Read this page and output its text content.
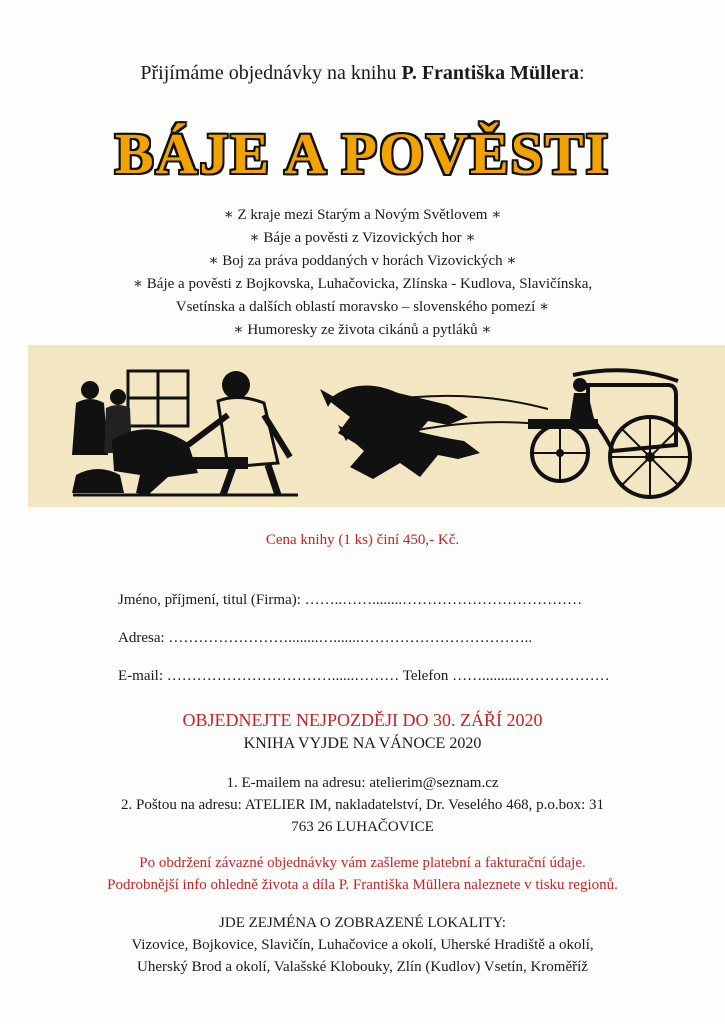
Přijímáme objednávky na knihu P. Františka Müllera:
BÁJE A POVĚSTI
∗ Z kraje mezi Starým a Novým Světlovem ∗
∗ Báje a pověsti z Vizovických hor ∗
∗ Boj za práva poddaných v horách Vizovických ∗
∗ Báje a pověsti z Bojkovska, Luhačovicka, Zlínska - Kudlova, Slavičínska,
Vsetínska a dalších oblastí moravsko – slovenského pomezí ∗
∗ Humoresky ze života cikánů a pytláků ∗
Cena knihy (1 ks) činí 450,- Kč.
Jméno, příjmení, titul (Firma): ……..……........………………………………
Adresa: ……………………........….......……………………………..
E-mail: ……………………………......……… Telefon ……..........………………
OBJEDNEJTE NEJPOZDĚJI DO 30. ZÁŘÍ 2020
KNIHA VYJDE NA VÁNOCE 2020
1. E-mailem na adresu: atelierim@seznam.cz
2. Poštou na adresu: ATELIER IM, nakladatelství, Dr. Veselého 468, p.o.box: 31
763 26 LUHAČOVICE
Po obdržení závazné objednávky vám zašleme platební a fakturační údaje.
Podrobnější info ohledně života a díla P. Františka Müllera naleznete v tisku regionů.
JDE ZEJMÉNA O ZOBRAZENÉ LOKALITY:
Vizovice, Bojkovice, Slavičín, Luhačovice a okolí, Uherské Hradiště a okolí,
Uherský Brod a okolí, Valašské Klobouky, Zlín (Kudlov) Vsetín, Kroměříž
